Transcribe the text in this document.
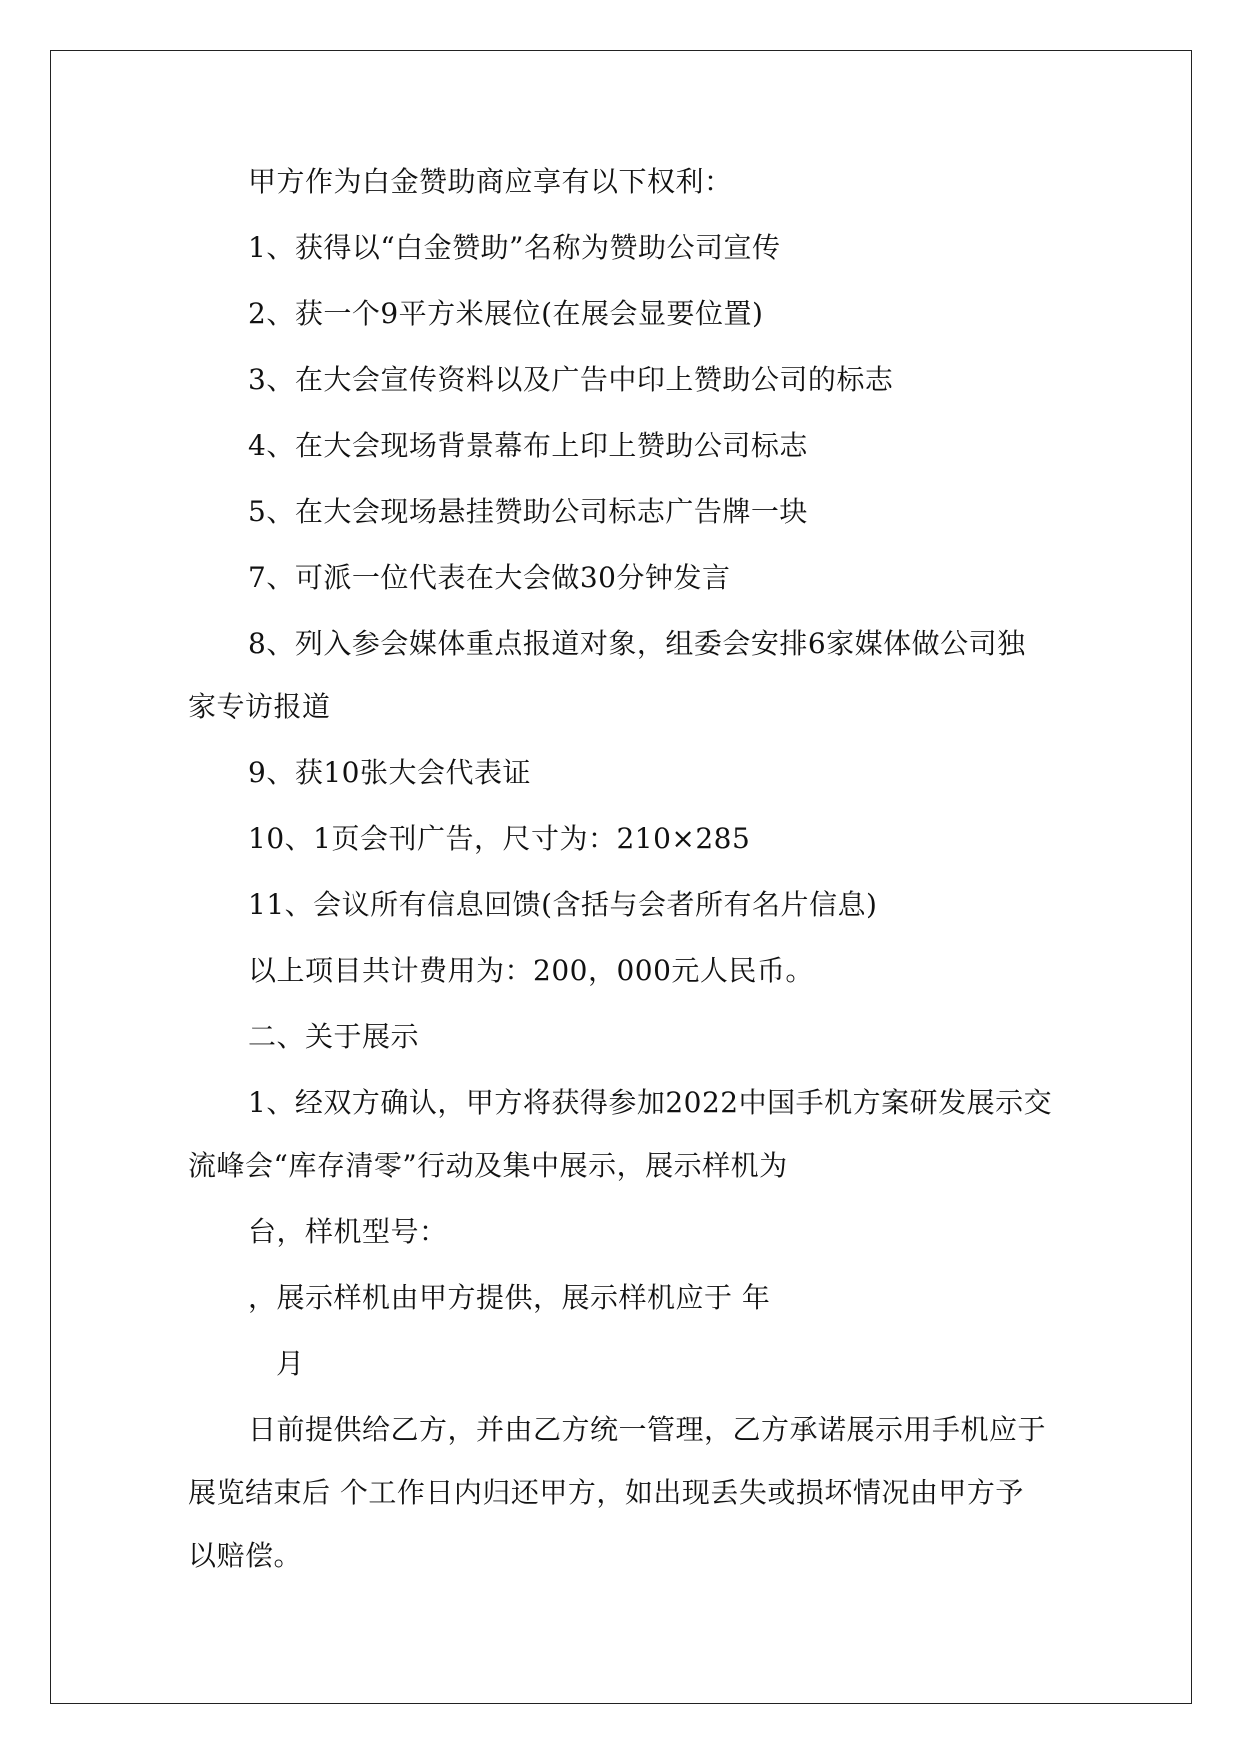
甲方作为白金赞助商应享有以下权利：
1、获得以“白金赞助”名称为赞助公司宣传
2、获一个9平方米展位(在展会显要位置)
3、在大会宣传资料以及广告中印上赞助公司的标志
4、在大会现场背景幕布上印上赞助公司标志
5、在大会现场悬挂赞助公司标志广告牌一块
7、可派一位代表在大会做30分钟发言
8、列入参会媒体重点报道对象，组委会安排6家媒体做公司独
家专访报道
9、获10张大会代表证
10、1页会刊广告，尺寸为：210×285
11、会议所有信息回馈(含括与会者所有名片信息)
以上项目共计费用为：200，000元人民币。
二、关于展示
1、经双方确认，甲方将获得参加2022中国手机方案研发展示交
流峰会“库存清零”行动及集中展示，展示样机为
台，样机型号：
，展示样机由甲方提供，展示样机应于 年
月
日前提供给乙方，并由乙方统一管理，乙方承诺展示用手机应于
展览结束后 个工作日内归还甲方，如出现丢失或损坏情况由甲方予
以赔偿。
